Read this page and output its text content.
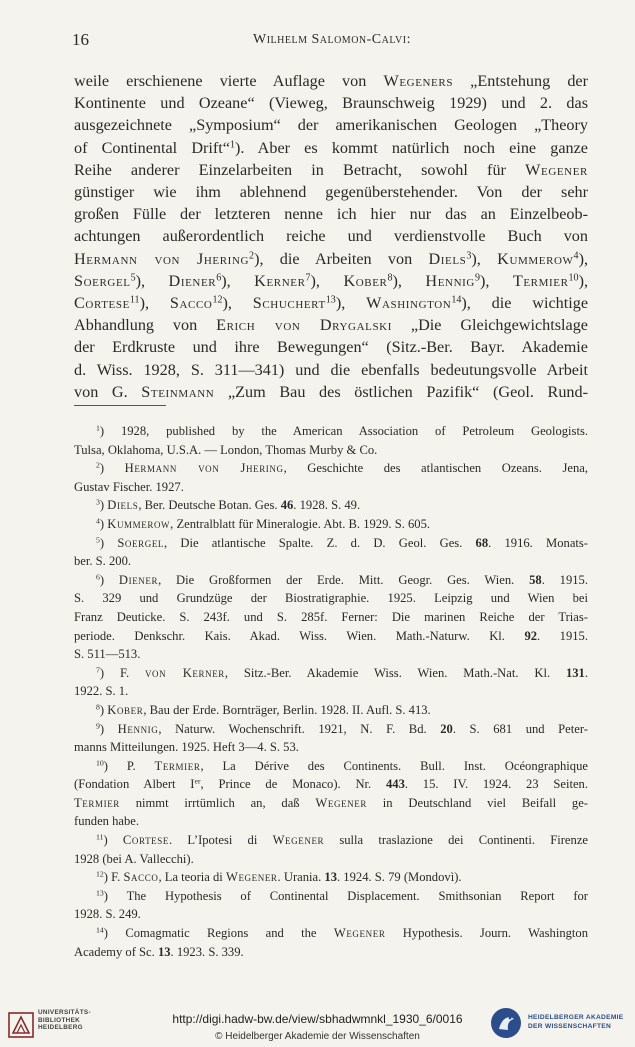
16	Wilhelm Salomon-Calvi:
weile erschienene vierte Auflage von Wegeners „Entstehung der
Kontinente und Ozeane“ (Vieweg, Braunschweig 1929) und 2. das
ausgezeichnete „Symposium“ der amerikanischen Geologen „Theory
of Continental Drift“$^1$). Aber es kommt natürlich noch eine ganze
Reihe anderer Einzelarbeiten in Betracht, sowohl für Wegener
günstiger wie ihm ablehnend gegenüberstehender. Von der sehr
großen Fülle der letzteren nenne ich hier nur das an Einzelbeob-
achtungen außerordentlich reiche und verdienstvolle Buch von
Hermann von Jhering$^2$), die Arbeiten von Diels$^3$), Kummerow$^4$),
Soergel$^5$), Diener$^6$), Kerner$^7$), Kober$^8$), Hennig$^9$), Termier$^{10}$),
Cortese$^{11}$), Sacco$^{12}$), Schuchert$^{13}$), Washington$^{14}$), die wichtige
Abhandlung von Erich von Drygalski „Die Gleichgewichtslage
der Erdkruste und ihre Bewegungen“ (Sitz.-Ber. Bayr. Akademie
d. Wiss. 1928, S. 311—341) und die ebenfalls bedeutungsvolle Arbeit
von G. Steinmann „Zum Bau des östlichen Pazifik“ (Geol. Rund-
$^1$) 1928, published by the American Association of Petroleum Geologists.
Tulsa, Oklahoma, U.S.A. — London, Thomas Murby & Co.
$^2$) Hermann von Jhering, Geschichte des atlantischen Ozeans. Jena,
Gustav Fischer. 1927.
$^3$) Diels, Ber. Deutsche Botan. Ges. 46. 1928. S. 49.
$^4$) Kummerow, Zentralblatt für Mineralogie. Abt. B. 1929. S. 605.
$^5$) Soergel, Die atlantische Spalte. Z. d. D. Geol. Ges. 68. 1916. Monats-
ber. S. 200.
$^6$) Diener, Die Großformen der Erde. Mitt. Geogr. Ges. Wien. 58. 1915.
S. 329 und Grundzüge der Biostratigraphie. 1925. Leipzig und Wien bei
Franz Deuticke. S. 243f. und S. 285f. Ferner: Die marinen Reiche der Trias-
periode. Denkschr. Kais. Akad. Wiss. Wien. Math.-Naturw. Kl. 92. 1915.
S. 511—513.
$^7$) F. von Kerner, Sitz.-Ber. Akademie Wiss. Wien. Math.-Nat. Kl. 131.
1922. S. 1.
$^8$) Kober, Bau der Erde. Bornträger, Berlin. 1928. II. Aufl. S. 413.
$^9$) Hennig, Naturw. Wochenschrift. 1921, N. F. Bd. 20. S. 681 und Peter-
manns Mitteilungen. 1925. Heft 3—4. S. 53.
$^{10}$) P. Termier, La Dérive des Continents. Bull. Inst. Océongraphique
(Fondation Albert Ier, Prince de Monaco). Nr. 443. 15. IV. 1924. 23 Seiten.
Termier nimmt irrtümlich an, daß Wegener in Deutschland viel Beifall ge-
funden habe.
$^{11}$) Cortese. L’Ipotesi di Wegener sulla traslazione dei Continenti. Firenze
1928 (bei A. Vallecchi).
$^{12}$) F. Sacco, La teoria di Wegener. Urania. 13. 1924. S. 79 (Mondovì).
$^{13}$) The Hypothesis of Continental Displacement. Smithsonian Report for
1928. S. 249.
$^{14}$) Comagmatic Regions and the Wegener Hypothesis. Journ. Washington
Academy of Sc. 13. 1923. S. 339.
UNIVERSITÄTS-
BIBLIOTHEK
HEIDELBERG
http://digi.hadw-bw.de/view/sbhadwmnkl_1930_6/0016
© Heidelberger Akademie der Wissenschaften
HEIDELBERGER AKADEMIE
DER WISSENSCHAFTEN
